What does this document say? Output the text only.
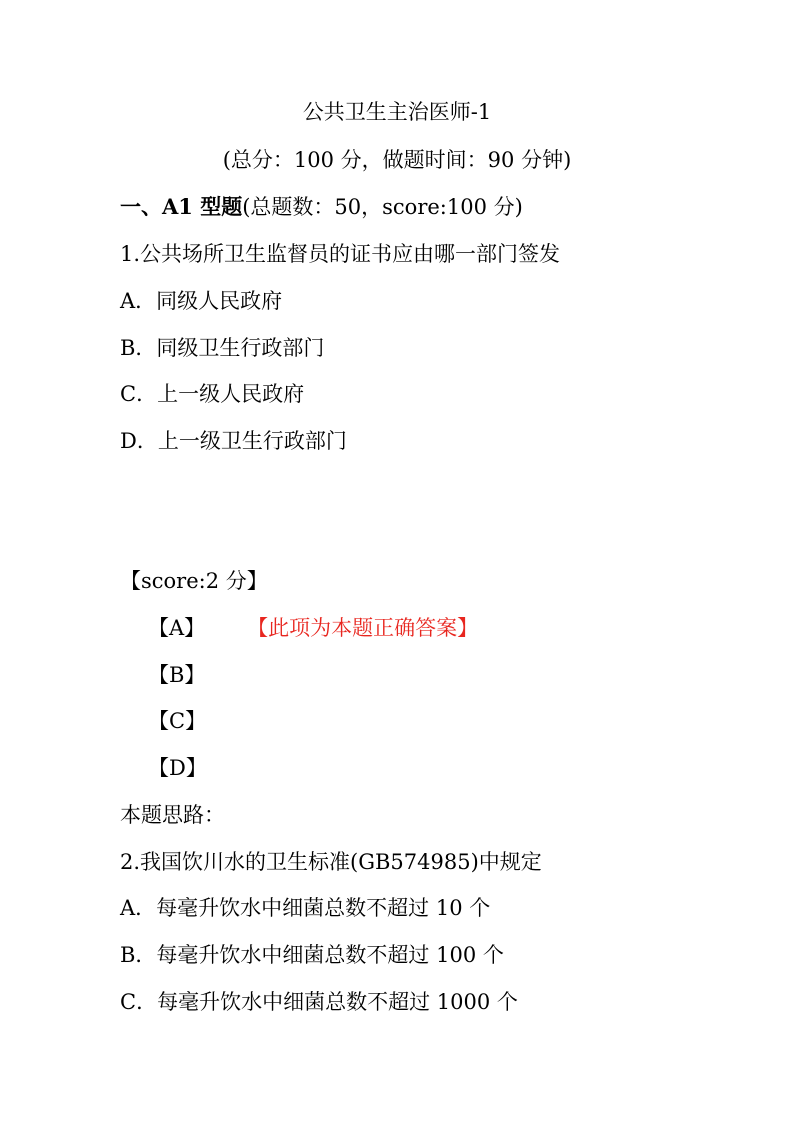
公共卫生主治医师-1
(总分：100 分，做题时间：90 分钟)
一、A1 型题(总题数：50，score:100 分)
1.公共场所卫生监督员的证书应由哪一部门签发
A．同级人民政府
B．同级卫生行政部门
C．上一级人民政府
D．上一级卫生行政部门
【score:2 分】
【A】 【此项为本题正确答案】
【B】
【C】
【D】
本题思路：
2.我国饮川水的卫生标准(GB574985)中规定
A．每毫升饮水中细菌总数不超过 10 个
B．每毫升饮水中细菌总数不超过 100 个
C．每毫升饮水中细菌总数不超过 1000 个
